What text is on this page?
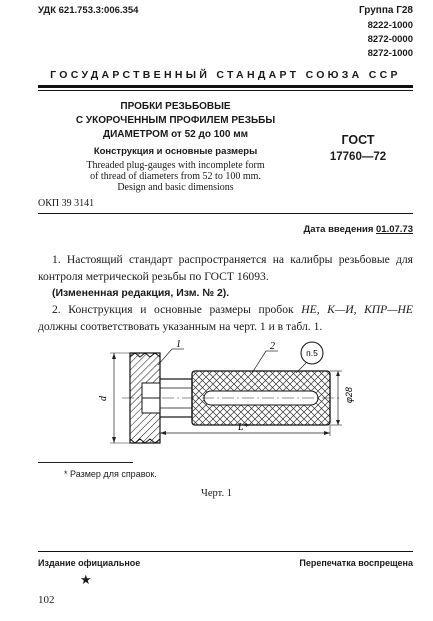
УДК 621.753.3:006.354	Группа Г28
8222-1000
8272-0000
8272-1000
ГОСУДАРСТВЕННЫЙ СТАНДАРТ СОЮЗА ССР
ПРОБКИ РЕЗЬБОВЫЕ
С УКОРОЧЕННЫМ ПРОФИЛЕМ РЕЗЬБЫ
ДИАМЕТРОМ от 52 до 100 мм
Конструкция и основные размеры
Threaded plug-gauges with incomplete form
of thread of diameters from 52 to 100 mm.
Design and basic dimensions
ГОСТ
17760—72
ОКП 39 3141
Дата введения 01.07.73
1. Настоящий стандарт распространяется на калибры резьбовые для контроля метрической резьбы по ГОСТ 16093.
(Измененная редакция, Изм. № 2).
2. Конструкция и основные размеры пробок НЕ, К—И, КПР—НЕ должны соответствовать указанным на черт. 1 и в табл. 1.
d	φ28
L*
1	2
п.5
* Размер для справок.
Черт. 1
Издание официальное	Перепечатка воспрещена
★
102
